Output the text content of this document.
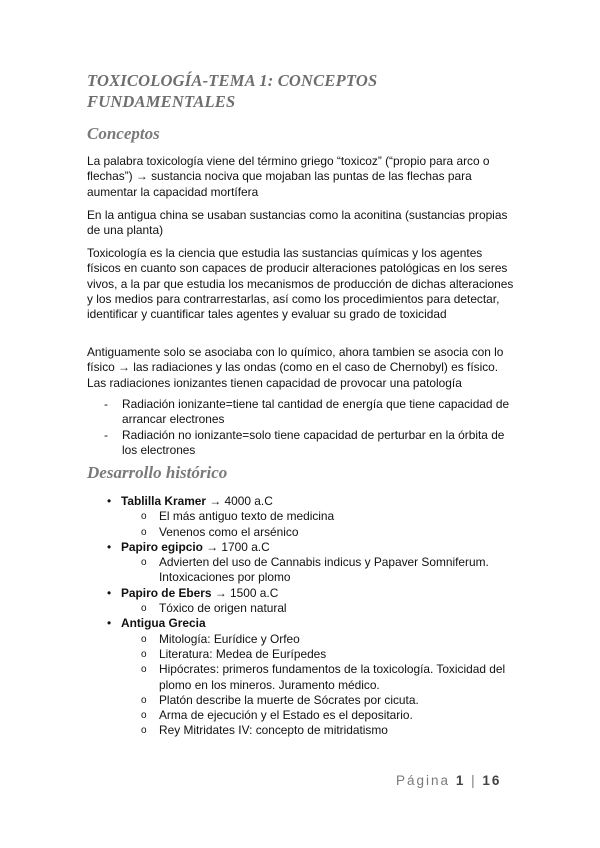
TOXICOLOGÍA-TEMA 1: CONCEPTOS FUNDAMENTALES
Conceptos
La palabra toxicología viene del término griego “toxicoz” (“propio para arco o flechas”) → sustancia nociva que mojaban las puntas de las flechas para aumentar la capacidad mortífera
En la antigua china se usaban sustancias como la aconitina (sustancias propias de una planta)
Toxicología es la ciencia que estudia las sustancias químicas y los agentes físicos en cuanto son capaces de producir alteraciones patológicas en los seres vivos, a la par que estudia los mecanismos de producción de dichas alteraciones y los medios para contrarrestarlas, así como los procedimientos para detectar, identificar y cuantificar tales agentes y evaluar su grado de toxicidad
Antiguamente solo se asociaba con lo químico, ahora tambien se asocia con lo físico → las radiaciones y las ondas (como en el caso de Chernobyl) es físico. Las radiaciones ionizantes tienen capacidad de provocar una patología
- Radiación ionizante=tiene tal cantidad de energía que tiene capacidad de arrancar electrones
- Radiación no ionizante=solo tiene capacidad de perturbar en la órbita de los electrones
Desarrollo histórico
• Tablilla Kramer → 4000 a.C
o El más antiguo texto de medicina
o Venenos como el arsénico
• Papiro egipcio → 1700 a.C
o Advierten del uso de Cannabis indicus y Papaver Somniferum. Intoxicaciones por plomo
• Papiro de Ebers → 1500 a.C
o Tóxico de origen natural
• Antigua Grecia
o Mitología: Eurídice y Orfeo
o Literatura: Medea de Eurípedes
o Hipócrates: primeros fundamentos de la toxicología. Toxicidad del plomo en los mineros. Juramento médico.
o Platón describe la muerte de Sócrates por cicuta.
o Arma de ejecución y el Estado es el depositario.
o Rey Mitridates IV: concepto de mitridatismo
Página 1 | 16
